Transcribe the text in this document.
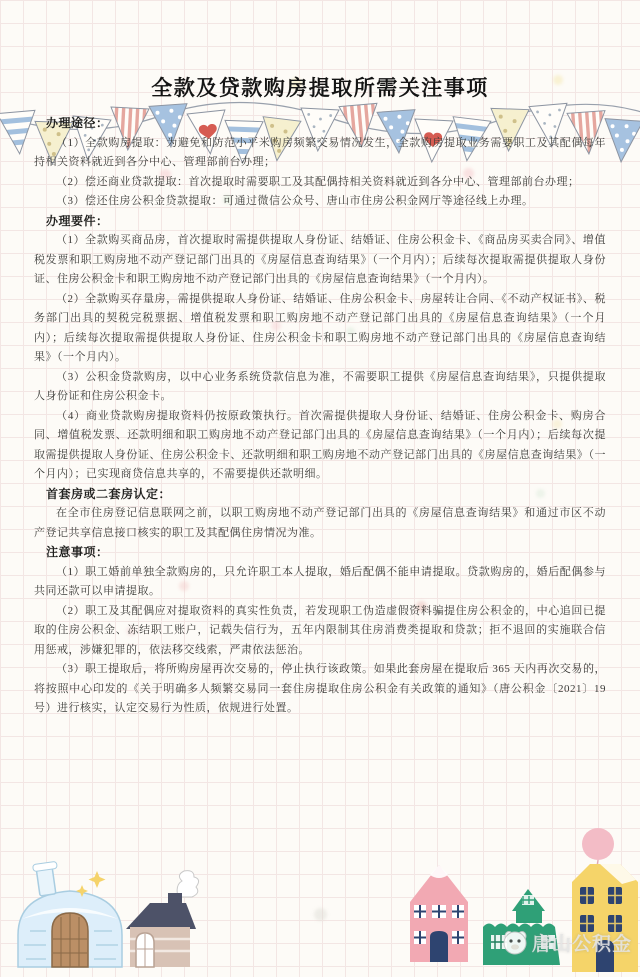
全款及贷款购房提取所需关注事项
办理途径：

（1）全款购房提取：为避免和防范小平米购房频繁交易情况发生，全款购房提取业务需要职工及其配偶每年持相关资料就近到各分中心、管理部前台办理；

（2）偿还商业贷款提取：首次提取时需要职工及其配偶持相关资料就近到各分中心、管理部前台办理；

（3）偿还住房公积金贷款提取：可通过微信公众号、唐山市住房公积金网厅等途径线上办理。

办理要件：

（1）全款购买商品房，首次提取时需提供提取人身份证、结婚证、住房公积金卡、《商品房买卖合同》、增值税发票和职工购房地不动产登记部门出具的《房屋信息查询结果》（一个月内）；后续每次提取需提供提取人身份证、住房公积金卡和职工购房地不动产登记部门出具的《房屋信息查询结果》（一个月内）。

（2）全款购买存量房，需提供提取人身份证、结婚证、住房公积金卡、房屋转让合同、《不动产权证书》、税务部门出具的契税完税票据、增值税发票和职工购房地不动产登记部门出具的《房屋信息查询结果》（一个月内）；后续每次提取需提供提取人身份证、住房公积金卡和职工购房地不动产登记部门出具的《房屋信息查询结果》（一个月内）。

（3）公积金贷款购房，以中心业务系统贷款信息为准，不需要职工提供《房屋信息查询结果》，只提供提取人身份证和住房公积金卡。

（4）商业贷款购房提取资料仍按原政策执行。首次需提供提取人身份证、结婚证、住房公积金卡、购房合同、增值税发票、还款明细和职工购房地不动产登记部门出具的《房屋信息查询结果》（一个月内）；后续每次提取需提供提取人身份证、住房公积金卡、还款明细和职工购房地不动产登记部门出具的《房屋信息查询结果》（一个月内）；已实现商贷信息共享的，不需要提供还款明细。

首套房或二套房认定：

在全市住房登记信息联网之前，以职工购房地不动产登记部门出具的《房屋信息查询结果》和通过市区不动产登记共享信息接口核实的职工及其配偶住房情况为准。

注意事项：

（1）职工婚前单独全款购房的，只允许职工本人提取，婚后配偶不能申请提取。贷款购房的，婚后配偶参与共同还款可以申请提取。

（2）职工及其配偶应对提取资料的真实性负责，若发现职工伪造虚假资料骗提住房公积金的，中心追回已提取的住房公积金、冻结职工账户，记载失信行为，五年内限制其住房消费类提取和贷款；拒不退回的实施联合信用惩戒，涉嫌犯罪的，依法移交线索，严肃依法惩治。

（3）职工提取后，将所购房屋再次交易的，停止执行该政策。如果此套房屋在提取后 365 天内再次交易的，将按照中心印发的《关于明确多人频繁交易同一套住房提取住房公积金有关政策的通知》（唐公积金〔2021〕19号）进行核实，认定交易行为性质，依规进行处置。

唐山公积金
